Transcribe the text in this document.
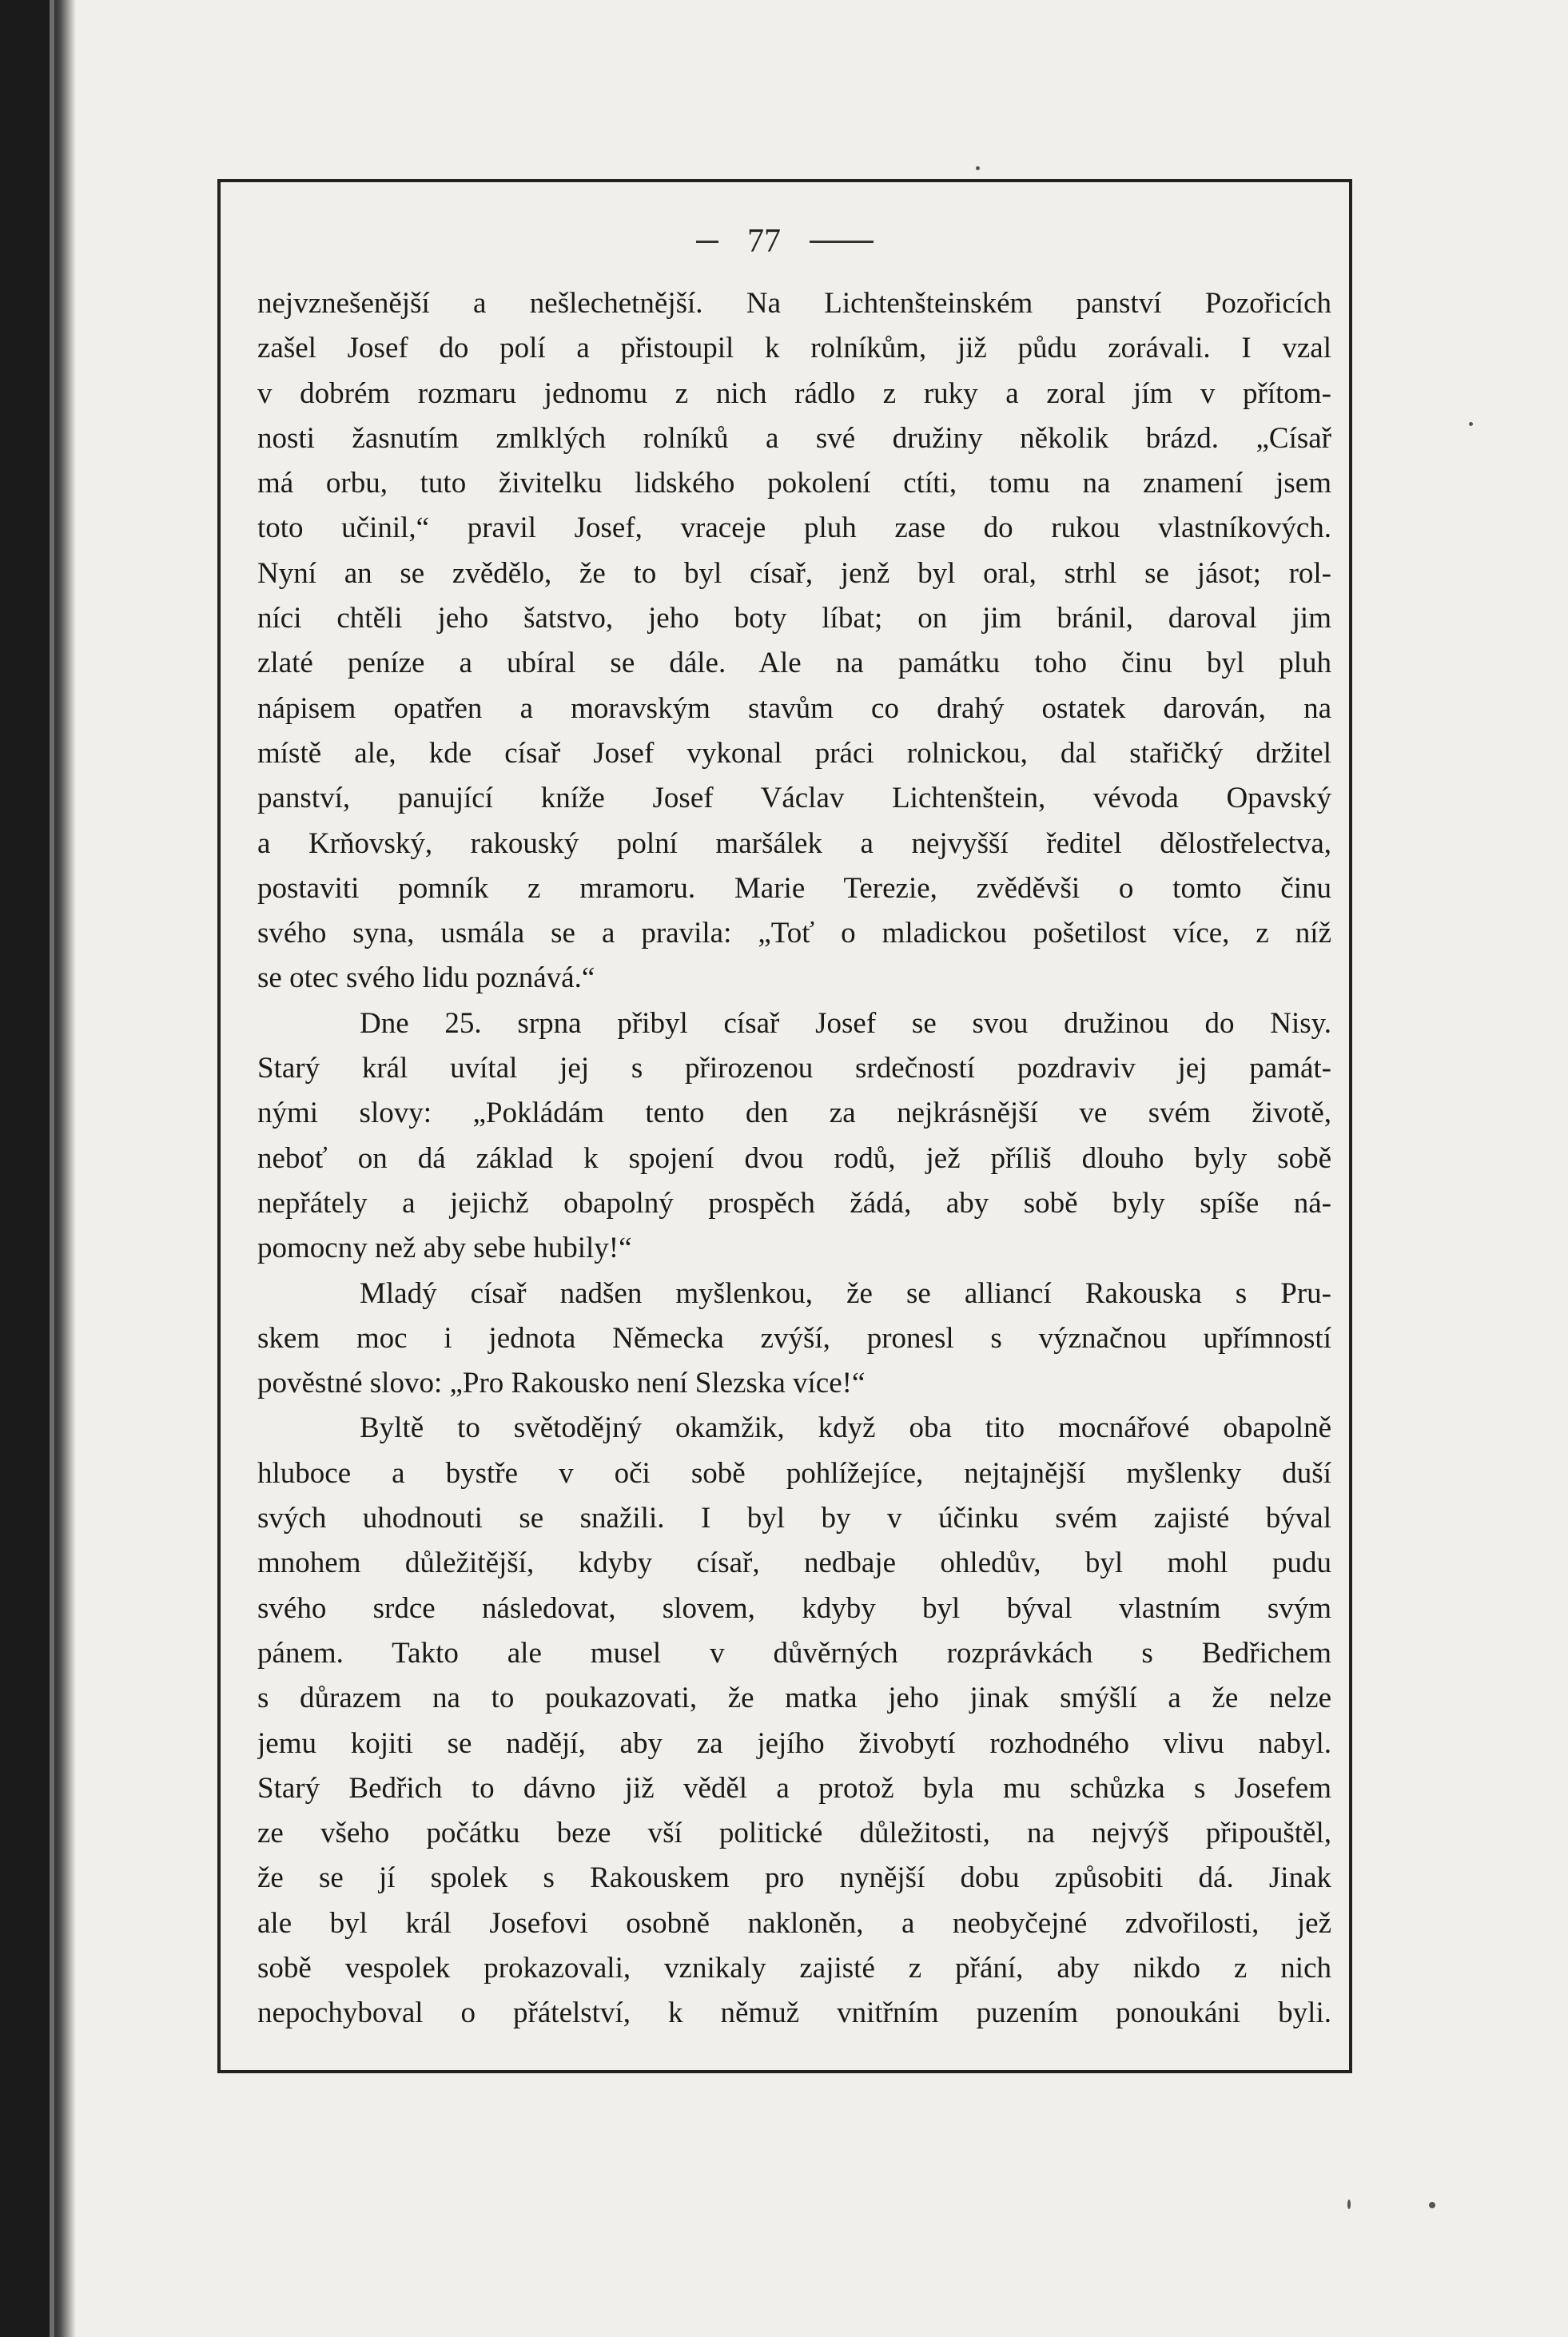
77
nejvznešenější a nešlechetnější. Na Lichtenšteinském panství Pozořicích
zašel Josef do polí a přistoupil k rolníkům, již půdu zorávali. I vzal
v dobrém rozmaru jednomu z nich rádlo z ruky a zoral jím v přítom-
nosti žasnutím zmlklých rolníků a své družiny několik brázd. „Císař
má orbu, tuto živitelku lidského pokolení ctíti, tomu na znamení jsem
toto učinil,“ pravil Josef, vraceje pluh zase do rukou vlastníkových.
Nyní an se zvědělo, že to byl císař, jenž byl oral, strhl se jásot; rol-
níci chtěli jeho šatstvo, jeho boty líbat; on jim bránil, daroval jim
zlaté peníze a ubíral se dále. Ale na památku toho činu byl pluh
nápisem opatřen a moravským stavům co drahý ostatek darován, na
místě ale, kde císař Josef vykonal práci rolnickou, dal stařičký držitel
panství, panující kníže Josef Václav Lichtenštein, vévoda Opavský
a Krňovský, rakouský polní maršálek a nejvyšší ředitel dělostřelectva,
postaviti pomník z mramoru. Marie Terezie, zvěděvši o tomto činu
svého syna, usmála se a pravila: „Toť o mladickou pošetilost více, z níž
se otec svého lidu poznává.“
Dne 25. srpna přibyl císař Josef se svou družinou do Nisy.
Starý král uvítal jej s přirozenou srdečností pozdraviv jej památ-
nými slovy: „Pokládám tento den za nejkrásnější ve svém životě,
neboť on dá základ k spojení dvou rodů, jež příliš dlouho byly sobě
nepřátely a jejichž obapolný prospěch žádá, aby sobě byly spíše ná-
pomocny než aby sebe hubily!“
Mladý císař nadšen myšlenkou, že se alliancí Rakouska s Pru-
skem moc i jednota Německa zvýší, pronesl s význačnou upřímností
pověstné slovo: „Pro Rakousko není Slezska více!“
Byltě to světodějný okamžik, když oba tito mocnářové obapolně
hluboce a bystře v oči sobě pohlížejíce, nejtajnější myšlenky duší
svých uhodnouti se snažili. I byl by v účinku svém zajisté býval
mnohem důležitější, kdyby císař, nedbaje ohledův, byl mohl pudu
svého srdce následovat, slovem, kdyby byl býval vlastním svým
pánem. Takto ale musel v důvěrných rozprávkách s Bedřichem
s důrazem na to poukazovati, že matka jeho jinak smýšlí a že nelze
jemu kojiti se nadějí, aby za jejího živobytí rozhodného vlivu nabyl.
Starý Bedřich to dávno již věděl a protož byla mu schůzka s Josefem
ze všeho počátku beze vší politické důležitosti, na nejvýš připouštěl,
že se jí spolek s Rakouskem pro nynější dobu způsobiti dá. Jinak
ale byl král Josefovi osobně nakloněn, a neobyčejné zdvořilosti, jež
sobě vespolek prokazovali, vznikaly zajisté z přání, aby nikdo z nich
nepochyboval o přátelství, k němuž vnitřním puzením ponoukáni byli.
